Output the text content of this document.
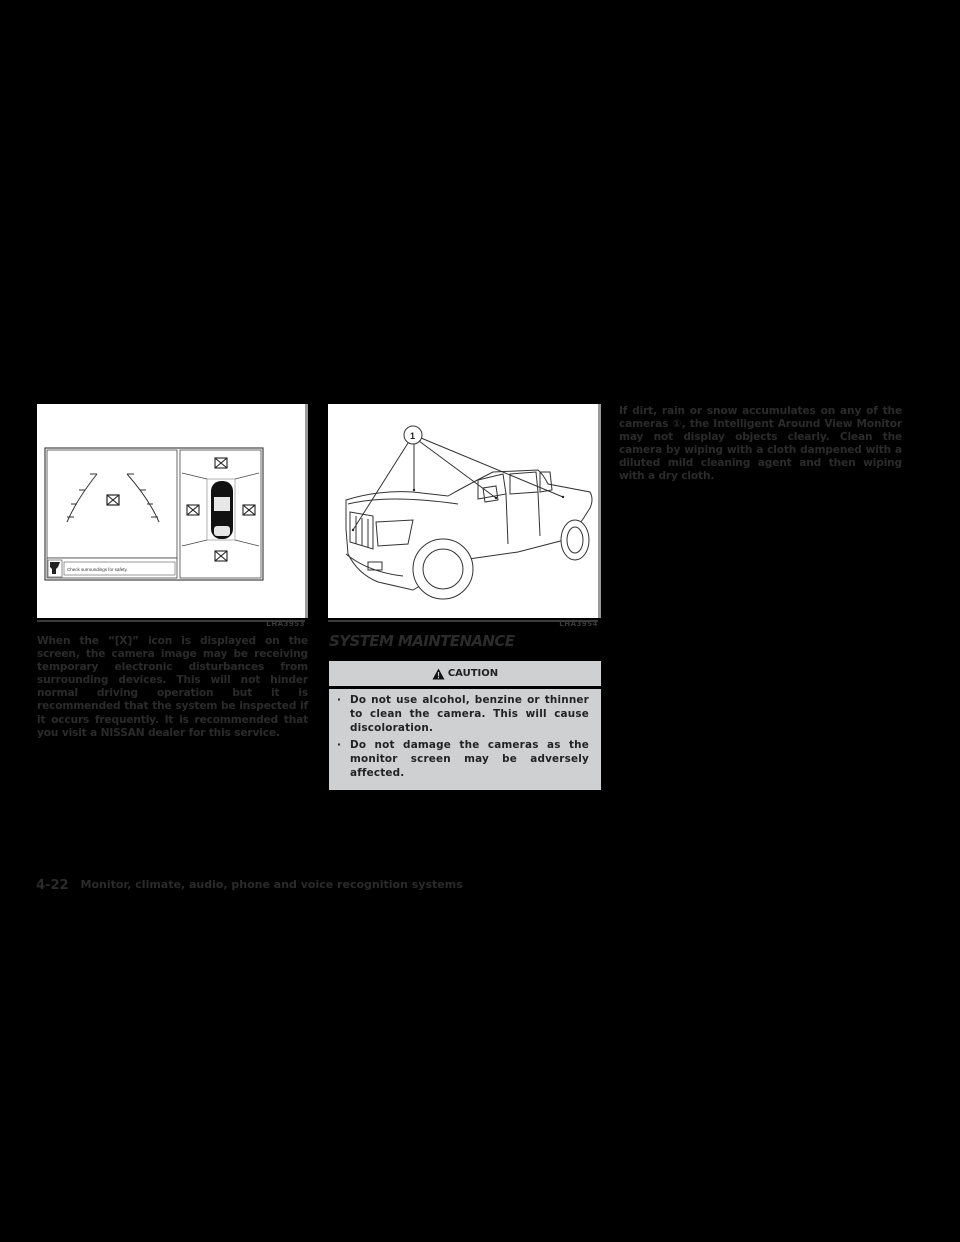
Check surroundings for safety.
LHA3953
1
LHA3954
When the “[X]” icon is displayed on the screen, the camera image may be receiving temporary electronic disturbances from surrounding devices. This will not hinder normal driving operation but it is recommended that the system be inspected if it occurs frequently. It is recommended that you visit a NISSAN dealer for this service.
SYSTEM MAINTENANCE
CAUTION
· Do not use alcohol, benzine or thinner to clean the camera. This will cause discoloration.
· Do not damage the cameras as the monitor screen may be adversely affected.
If dirt, rain or snow accumulates on any of the cameras ①, the Intelligent Around View Monitor may not display objects clearly. Clean the camera by wiping with a cloth dampened with a diluted mild cleaning agent and then wiping with a dry cloth.
4-22 Monitor, climate, audio, phone and voice recognition systems
